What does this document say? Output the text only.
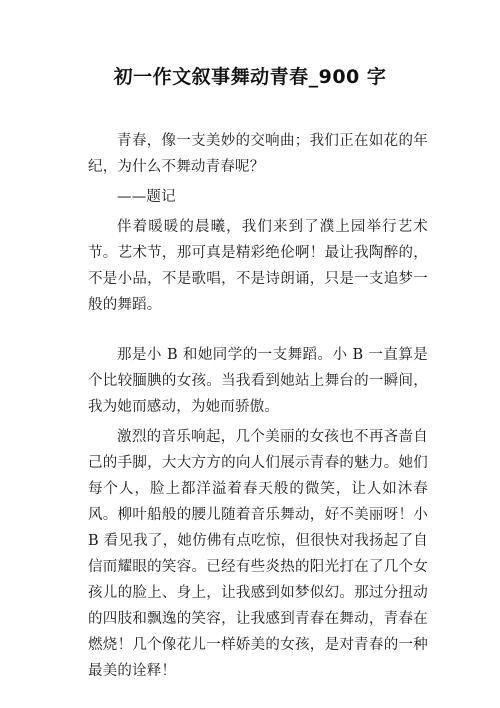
初一作文叙事舞动青春_900 字

青春，像一支美妙的交响曲；我们正在如花的年纪，为什么不舞动青春呢？

——题记

伴着暖暖的晨曦，我们来到了濮上园举行艺术节。艺术节，那可真是精彩绝伦啊！最让我陶醉的，不是小品，不是歌唱，不是诗朗诵，只是一支追梦一般的舞蹈。

那是小 B 和她同学的一支舞蹈。小 B 一直算是个比较腼腆的女孩。当我看到她站上舞台的一瞬间，我为她而感动，为她而骄傲。

激烈的音乐响起，几个美丽的女孩也不再吝啬自己的手脚，大大方方的向人们展示青春的魅力。她们每个人，脸上都洋溢着春天般的微笑，让人如沐春风。柳叶船般的腰儿随着音乐舞动，好不美丽呀！小 B 看见我了，她仿佛有点吃惊，但很快对我扬起了自信而耀眼的笑容。已经有些炎热的阳光打在了几个女孩儿的脸上、身上，让我感到如梦似幻。那过分扭动的四肢和飘逸的笑容，让我感到青春在舞动，青春在燃烧！几个像花儿一样娇美的女孩，是对青春的一种最美的诠释！
